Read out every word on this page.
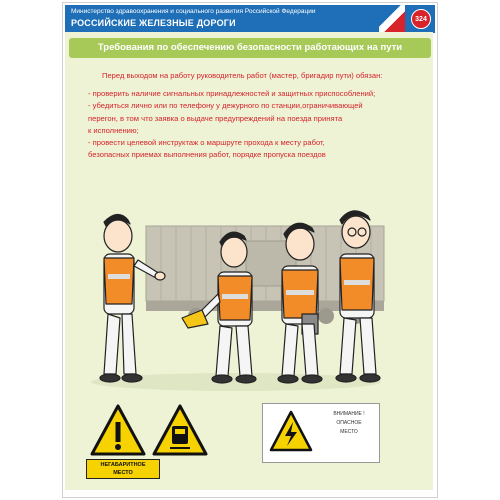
Министерство здравоохранения и социального развития Российской Федерации
РОССИЙСКИЕ ЖЕЛЕЗНЫЕ ДОРОГИ	324
Требования по обеспечению безопасности работающих на пути

Перед выходом на работу руководитель работ (мастер, бригадир пути) обязан:

- проверить наличие сигнальных принадлежностей и защитных приспособлений;

- убедиться лично или по телефону у дежурного по станции,ограничивающей

перегон, в том что заявка о выдаче предупреждений на поезда принята

к исполнению;

- провести целевой инструктаж о маршруте прохода к месту работ,

безопасных приемах выполнения работ, порядке пропуска поездов

НЕГАБАРИТНОЕ
МЕСТО
ВНИМАНИЕ !
ОПАСНОЕ
МЕСТО
